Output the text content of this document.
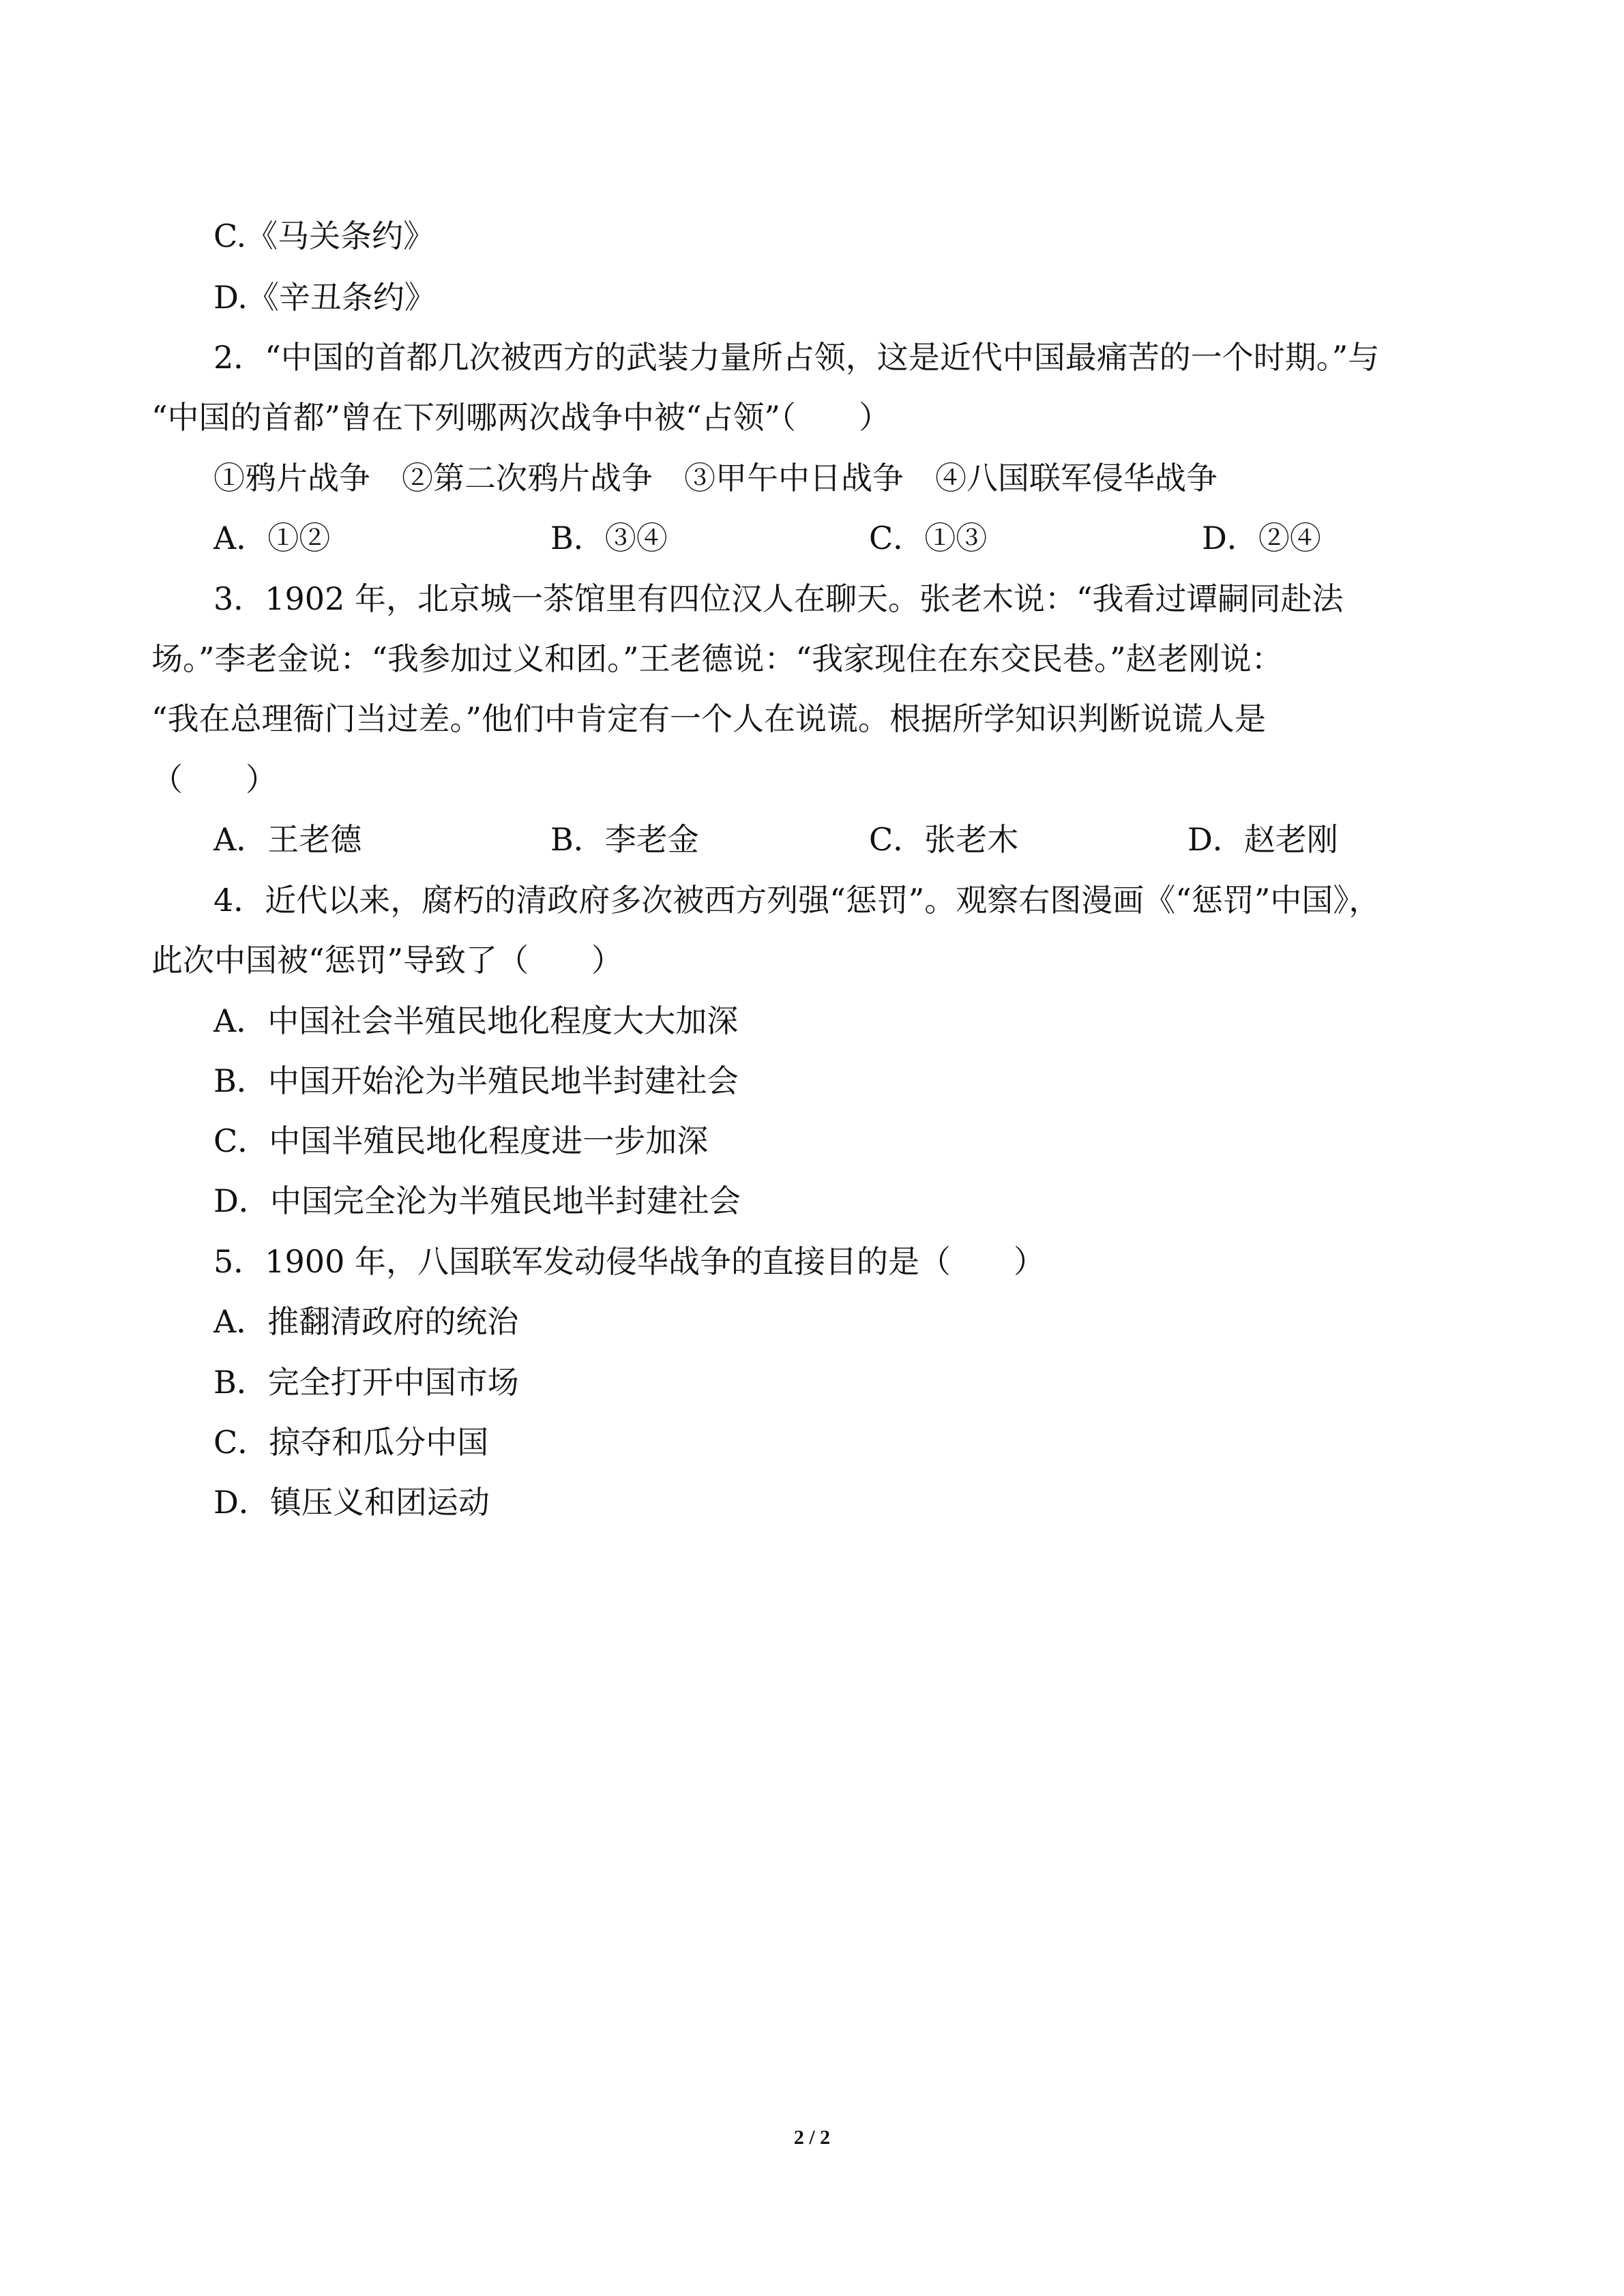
C.《马关条约》
D.《辛丑条约》
2．“中国的首都几次被西方的武装力量所占领，这是近代中国最痛苦的一个时期。”与
“中国的首都”曾在下列哪两次战争中被“占领”（　　）
①鸦片战争　②第二次鸦片战争　③甲午中日战争　④八国联军侵华战争
A．①②	B．③④	C．①③	D．②④
3．1902 年，北京城一茶馆里有四位汉人在聊天。张老木说：“我看过谭嗣同赴法
场。”李老金说：“我参加过义和团。”王老德说：“我家现住在东交民巷。”赵老刚说：
“我在总理衙门当过差。”他们中肯定有一个人在说谎。根据所学知识判断说谎人是
（　　）
A．王老德	B．李老金	C．张老木	D．赵老刚
4．近代以来，腐朽的清政府多次被西方列强“惩罚”。观察右图漫画《“惩罚”中国》，
此次中国被“惩罚”导致了（　　）
A．中国社会半殖民地化程度大大加深
B．中国开始沦为半殖民地半封建社会
C．中国半殖民地化程度进一步加深
D．中国完全沦为半殖民地半封建社会
5．1900 年，八国联军发动侵华战争的直接目的是（　　）
A．推翻清政府的统治
B．完全打开中国市场
C．掠夺和瓜分中国
D．镇压义和团运动
2 / 2
